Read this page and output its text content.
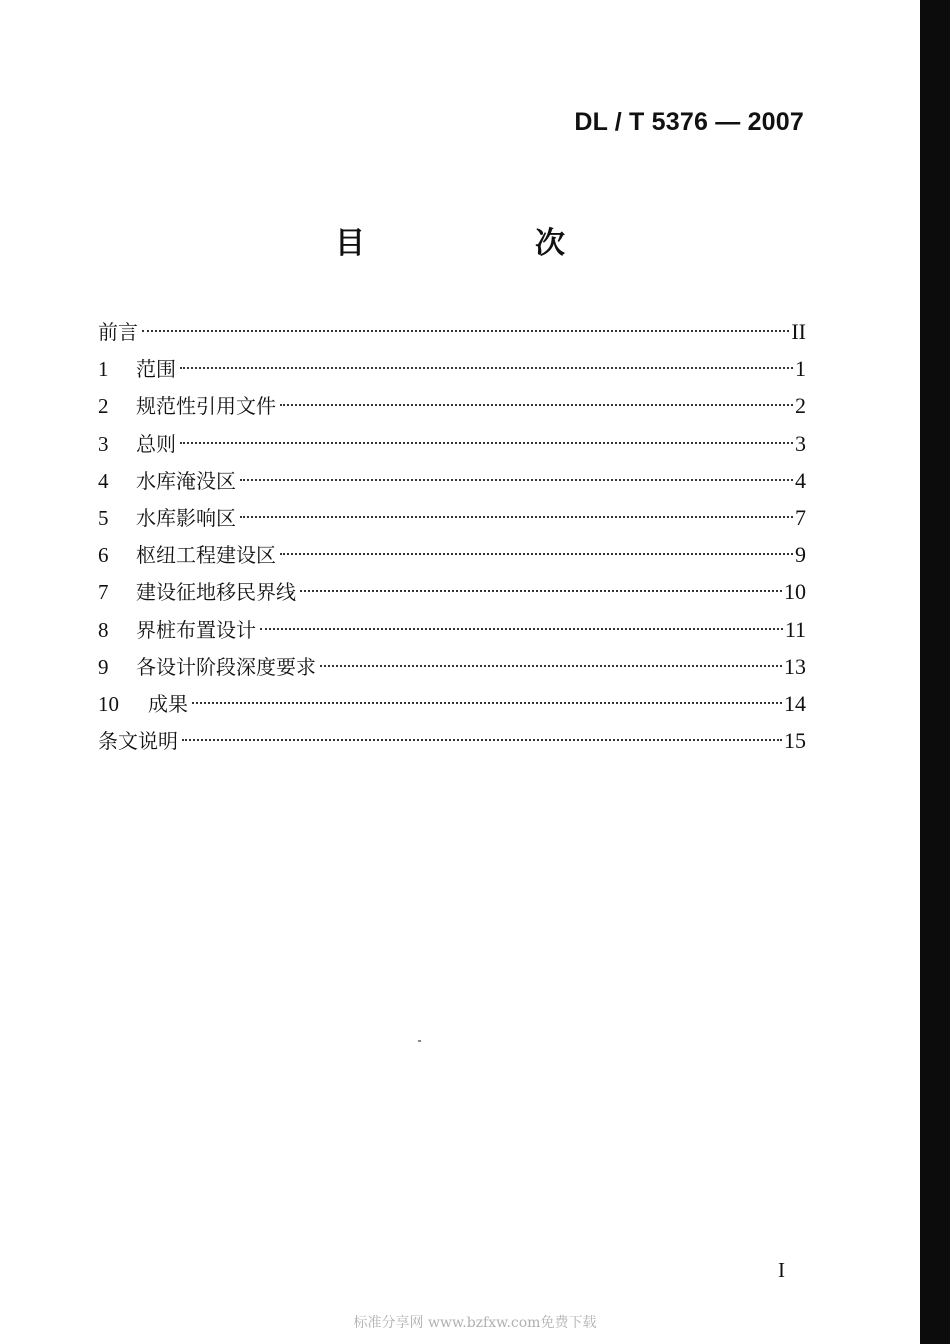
DL / T 5376 — 2007
目　次
前言	II
1	范围	1
2	规范性引用文件	2
3	总则	3
4	水库淹没区	4
5	水库影响区	7
6	枢纽工程建设区	9
7	建设征地移民界线	10
8	界桩布置设计	11
9	各设计阶段深度要求	13
10	成果	14
条文说明	15
I
标准分享网 www.bzfxw.com免费下载
